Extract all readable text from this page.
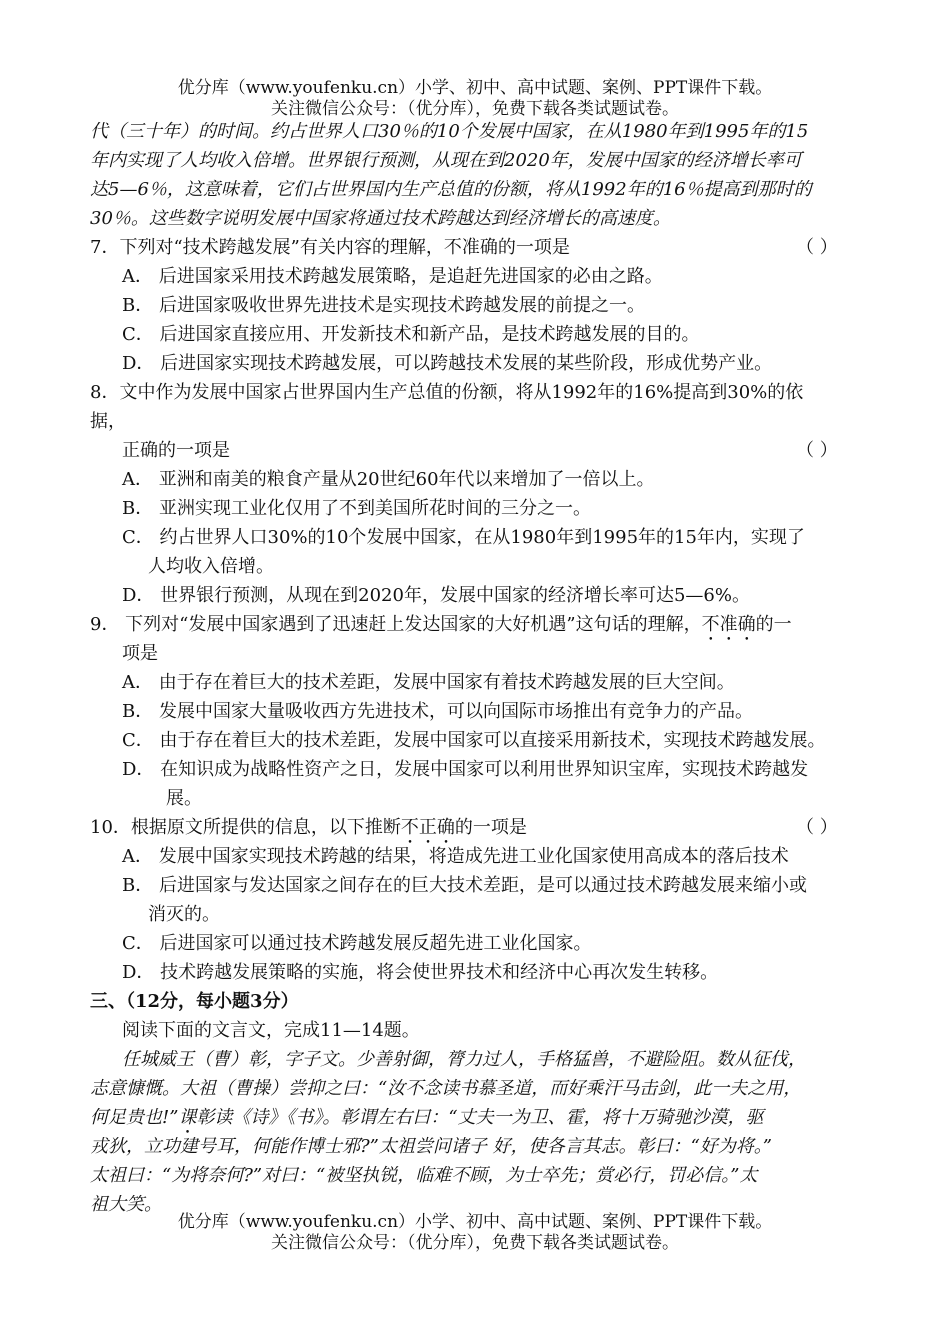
优分库（www.youfenku.cn）小学、初中、高中试题、案例、PPT课件下载。
关注微信公众号：（优分库），免费下载各类试题试卷。
代（三十年）的时间。约占世界人口30％的10个发展中国家，在从1980年到1995年的15
年内实现了人均收入倍增。世界银行预测，从现在到2020年，发展中国家的经济增长率可
达5—6％，这意味着，它们占世界国内生产总值的份额，将从1992年的16％提高到那时的
30％。这些数字说明发展中国家将通过技术跨越达到经济增长的高速度。
7．下列对“技术跨越发展”有关内容的理解，不准确的一项是	（ ）
A． 后进国家采用技术跨越发展策略，是追赶先进国家的必由之路。
B． 后进国家吸收世界先进技术是实现技术跨越发展的前提之一。
C． 后进国家直接应用、开发新技术和新产品，是技术跨越发展的目的。
D． 后进国家实现技术跨越发展，可以跨越技术发展的某些阶段，形成优势产业。
8．文中作为发展中国家占世界国内生产总值的份额，将从1992年的16%提高到30%的依
据，
正确的一项是	（ ）
A． 亚洲和南美的粮食产量从20世纪60年代以来增加了一倍以上。
B． 亚洲实现工业化仅用了不到美国所花时间的三分之一。
C． 约占世界人口30%的10个发展中国家，在从1980年到1995年的15年内，实现了
人均收入倍增。
D． 世界银行预测，从现在到2020年，发展中国家的经济增长率可达5—6%。
9． 下列对“发展中国家遇到了迅速赶上发达国家的大好机遇”这句话的理解，不准确的一
项是
A． 由于存在着巨大的技术差距，发展中国家有着技术跨越发展的巨大空间。
B． 发展中国家大量吸收西方先进技术，可以向国际市场推出有竞争力的产品。
C． 由于存在着巨大的技术差距，发展中国家可以直接采用新技术，实现技术跨越发展。
D． 在知识成为战略性资产之日，发展中国家可以利用世界知识宝库，实现技术跨越发
展。
10．根据原文所提供的信息，以下推断不正确的一项是	（ ）
A． 发展中国家实现技术跨越的结果，将造成先进工业化国家使用高成本的落后技术
B． 后进国家与发达国家之间存在的巨大技术差距，是可以通过技术跨越发展来缩小或
消灭的。
C． 后进国家可以通过技术跨越发展反超先进工业化国家。
D． 技术跨越发展策略的实施，将会使世界技术和经济中心再次发生转移。
三、（12分，每小题3分）
阅读下面的文言文，完成11—14题。
任城威王（曹）彰，字子文。少善射御，膂力过人，手格猛兽，不避险阻。数从征伐，
志意慷慨。大祖（曹操）尝抑之曰：“汝不念读书慕圣道，而好乘汗马击剑，此一夫之用，
何足贵也!”课彰读《诗》《书》。彰谓左右曰：“丈夫一为卫、霍，将十万骑驰沙漠，驱
戎狄，立功建号耳，何能作博士邪?”太祖尝问诸子 好，使各言其志。彰曰：“好为将。”
太祖曰：“为将奈何?”对曰：“被坚执锐，临难不顾，为士卒先；赏必行，罚必信。”太
祖大笑。
优分库（www.youfenku.cn）小学、初中、高中试题、案例、PPT课件下载。
关注微信公众号：（优分库），免费下载各类试题试卷。
